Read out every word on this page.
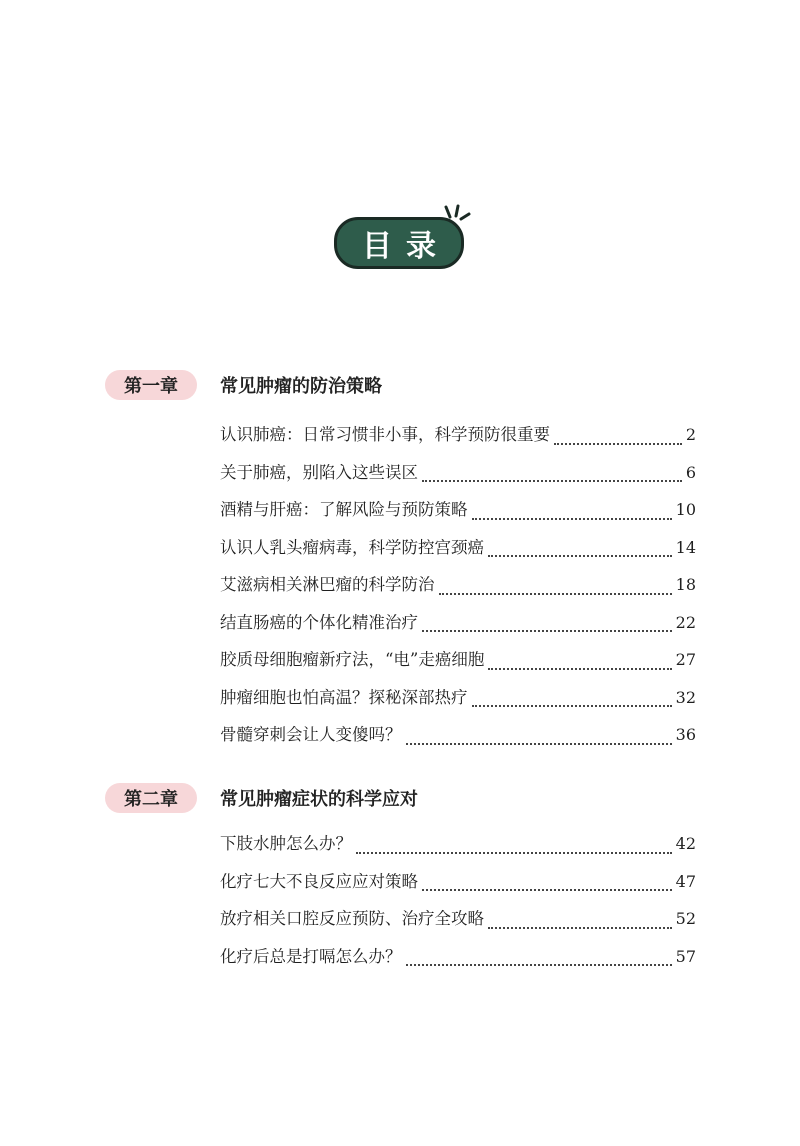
目录
第一章	常见肿瘤的防治策略
认识肺癌：日常习惯非小事，科学预防很重要	2
关于肺癌，别陷入这些误区	6
酒精与肝癌：了解风险与预防策略	10
认识人乳头瘤病毒，科学防控宫颈癌	14
艾滋病相关淋巴瘤的科学防治	18
结直肠癌的个体化精准治疗	22
胶质母细胞瘤新疗法，“电”走癌细胞	27
肿瘤细胞也怕高温？探秘深部热疗	32
骨髓穿刺会让人变傻吗？	36
第二章	常见肿瘤症状的科学应对
下肢水肿怎么办？	42
化疗七大不良反应应对策略	47
放疗相关口腔反应预防、治疗全攻略	52
化疗后总是打嗝怎么办？	57
